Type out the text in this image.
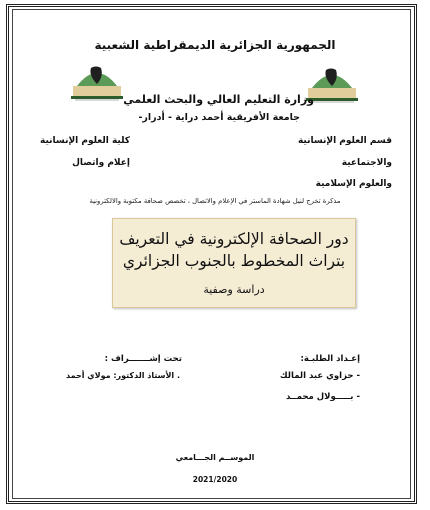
الجمهورية الجزائرية الديمقراطية الشعبية
وزارة التعليم العالي والبحث العلمي
جامعة الأفريقية أحمد دراية - أدرار-
قسم العلوم الإنسانية
كلية العلوم الإنسانية
والاجتماعية
إعلام واتصال
والعلوم الإسلامية
مذكرة تخرج لنيل شهادة الماستر في الإعلام والاتصال ، تخصص صحافة مكتوبة والالكترونية
دور الصحافة الإلكترونية في التعريف
بتراث المخطوط بالجنوب الجزائري
دراسة وصفية
إعـداد الطلبـة:
- حزاوي عبد المالك
- بـــــولال محمــد
تحت إشـــــــراف :
. الأستاذ الدكتور: مولاي أحمد
الموســم الجـــامعي
2021/2020
